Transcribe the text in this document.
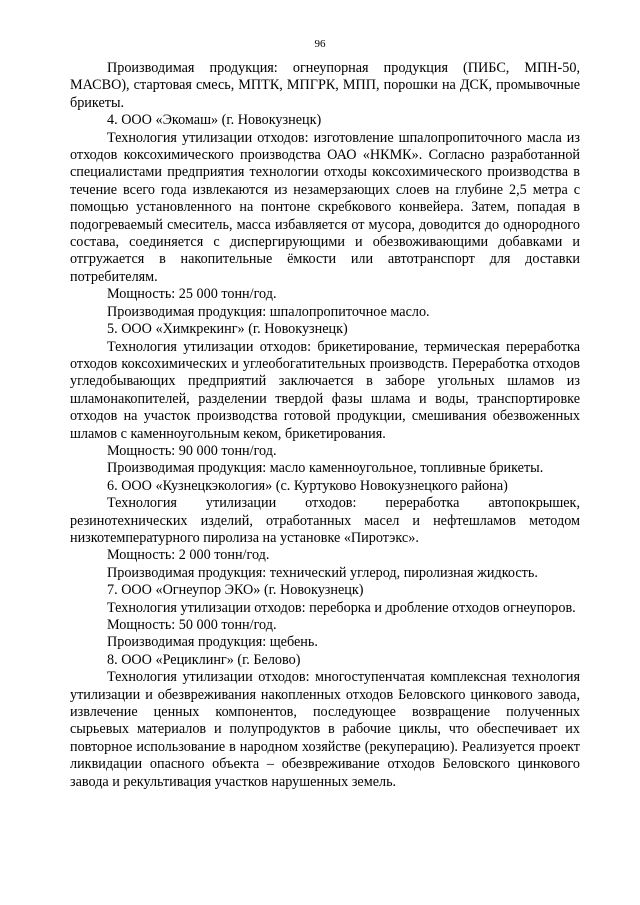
96

Производимая продукция: огнеупорная продукция (ПИБС, МПН-50, МАСВО), стартовая смесь, МПТК, МПГРК, МПП, порошки на ДСК, промывочные брикеты.

4. ООО «Экомаш» (г. Новокузнецк)

Технология утилизации отходов: изготовление шпалопропиточного масла из отходов коксохимического производства ОАО «НКМК». Согласно разработанной специалистами предприятия технологии отходы коксохимического производства в течение всего года извлекаются из незамерзающих слоев на глубине 2,5 метра с помощью установленного на понтоне скребкового конвейера. Затем, попадая в подогреваемый смеситель, масса избавляется от мусора, доводится до однородного состава, соединяется с диспергирующими и обезвоживающими добавками и отгружается в накопительные ёмкости или автотранспорт для доставки потребителям.

Мощность: 25 000 тонн/год.

Производимая продукция: шпалопропиточное масло.

5. ООО «Химкрекинг» (г. Новокузнецк)

Технология утилизации отходов: брикетирование, термическая переработка отходов коксохимических и углеобогатительных производств. Переработка отходов угледобывающих предприятий заключается в заборе угольных шламов из шламонакопителей, разделении твердой фазы шлама и воды, транспортировке отходов на участок производства готовой продукции, смешивания обезвоженных шламов с каменноугольным кеком, брикетирования.

Мощность: 90 000 тонн/год.

Производимая продукция: масло каменноугольное, топливные брикеты.

6. ООО «Кузнецкэкология» (с. Куртуково Новокузнецкого района)

Технология утилизации отходов: переработка автопокрышек, резинотехнических изделий, отработанных масел и нефтешламов методом низкотемпературного пиролиза на установке «Пиротэкс».

Мощность: 2 000 тонн/год.

Производимая продукция: технический углерод, пиролизная жидкость.

7. ООО «Огнеупор ЭКО» (г. Новокузнецк)

Технология утилизации отходов: переборка и дробление отходов огнеупоров.

Мощность: 50 000 тонн/год.

Производимая продукция: щебень.

8. ООО «Рециклинг» (г. Белово)

Технология утилизации отходов: многоступенчатая комплексная технология утилизации и обезвреживания накопленных отходов Беловского цинкового завода, извлечение ценных компонентов, последующее возвращение полученных сырьевых материалов и полупродуктов в рабочие циклы, что обеспечивает их повторное использование в народном хозяйстве (рекуперацию). Реализуется проект ликвидации опасного объекта – обезвреживание отходов Беловского цинкового завода и рекультивация участков нарушенных земель.
